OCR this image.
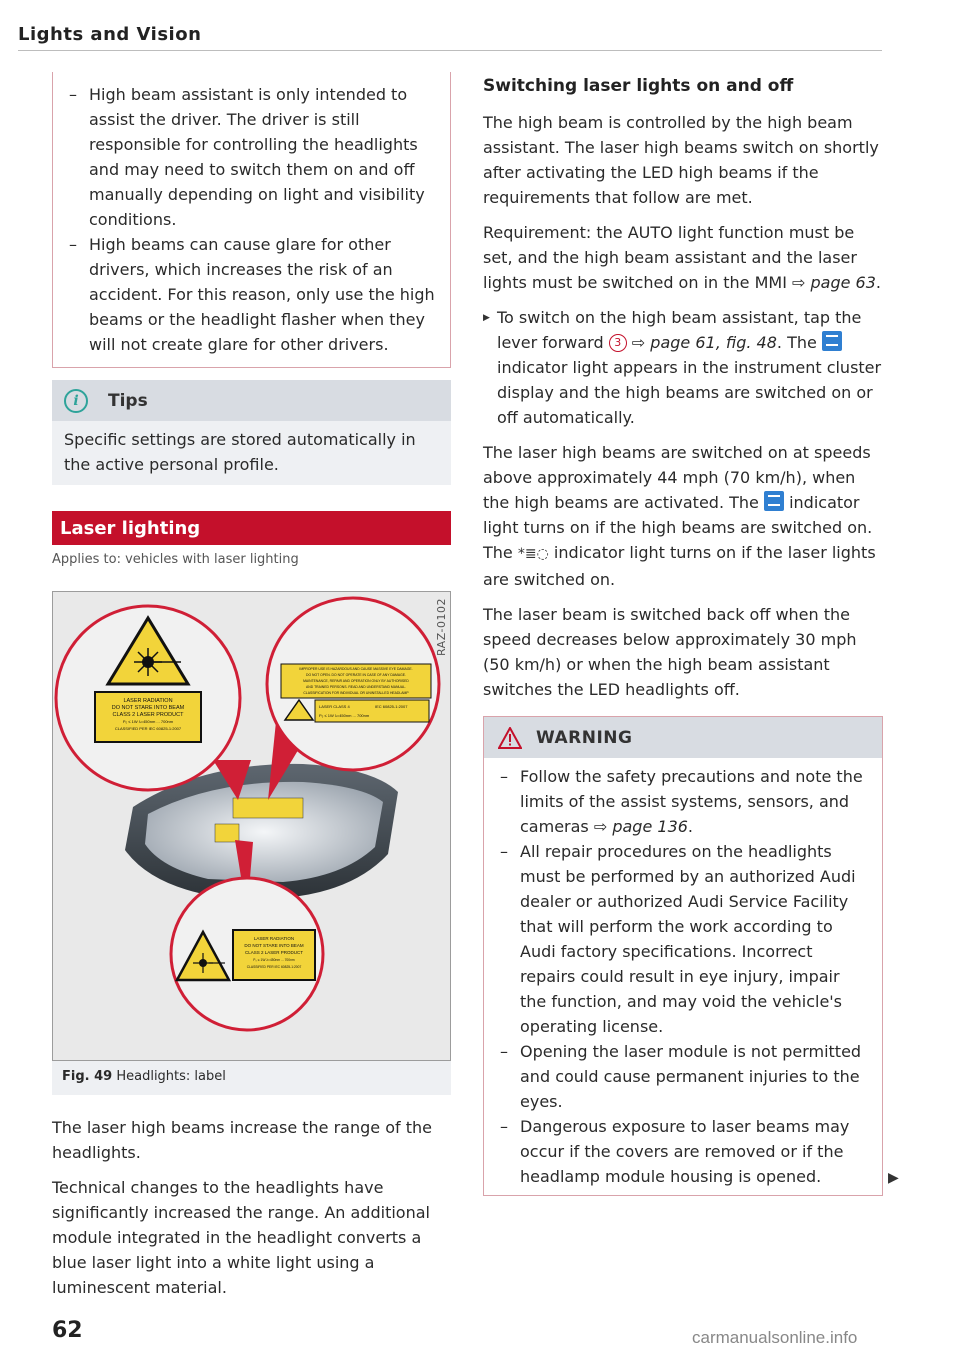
Lights and Vision
– High beam assistant is only intended to assist the driver. The driver is still responsible for controlling the headlights and may need to switch them on and off manually depending on light and visibility conditions.
– High beams can cause glare for other drivers, which increases the risk of an accident. For this reason, only use the high beams or the headlight flasher when they will not create glare for other drivers.
i	Tips

Specific settings are stored automatically in the active personal profile.

Laser lighting
Applies to: vehicles with laser lighting
RAZ-0102
LASER RADIATION
DO NOT STARE INTO BEAM
CLASS 2 LASER PRODUCT
P₀ ≤ 1W λ=450nm ... 700nm
CLASSIFIED PER IEC 60825-1:2007
IMPROPER USE IS HAZARDOUS AND CAUSE MASSIVE EYE DAMAGE.
DO NOT OPEN. DO NOT OPERATE IN CASE OF ANY DAMAGE.
MAINTENANCE, REPAIR AND OPERATION ONLY BY AUTHORISED
AND TRAINED PERSONS. READ AND UNDERSTAND MANUAL.
CLASSIFICATION FOR INDIVIDUAL OR UNINSTALLED HEADLAMP
LASER CLASS 4	IEC 60825-1:2007
P₀ ≤ 1W λ=450nm ... 700nm
LASER RADIATION
DO NOT STARE INTO BEAM
CLASS 2 LASER PRODUCT
P₀ ≤ 1W λ=450nm ... 700nm
CLASSIFIED PER IEC 60825-1:2007
Fig. 49 Headlights: label

The laser high beams increase the range of the headlights.

Technical changes to the headlights have significantly increased the range. An additional module integrated in the headlight converts a blue laser light into a white light using a luminescent material.

Switching laser lights on and off

The high beam is controlled by the high beam assistant. The laser high beams switch on shortly after activating the LED high beams if the requirements that follow are met.

Requirement: the AUTO light function must be set, and the high beam assistant and the laser lights must be switched on in the MMI ⇨ page 63.

▶ To switch on the high beam assistant, tap the lever forward 3 ⇨ page 61, fig. 48. The  indicator light appears in the instrument cluster display and the high beams are switched on or off automatically.

The laser high beams are switched on at speeds above approximately 44 mph (70 km/h), when the high beams are activated. The indicator light turns on if the high beams are switched on. The *≣◌ indicator light turns on if the laser lights are switched on.

The laser beam is switched back off when the speed decreases below approximately 30 mph (50 km/h) or when the high beam assistant switches the LED headlights off.

WARNING
– Follow the safety precautions and note the limits of the assist systems, sensors, and cameras ⇨ page 136.
– All repair procedures on the headlights must be performed by an authorized Audi dealer or authorized Audi Service Facility that will perform the work according to Audi factory specifications. Incorrect repairs could result in eye injury, impair the function, and may void the vehicle's operating license.
– Opening the laser module is not permitted and could cause permanent injuries to the eyes.
– Dangerous exposure to laser beams may occur if the covers are removed or if the headlamp module housing is opened.	▶
62	carmanualsonline.info
